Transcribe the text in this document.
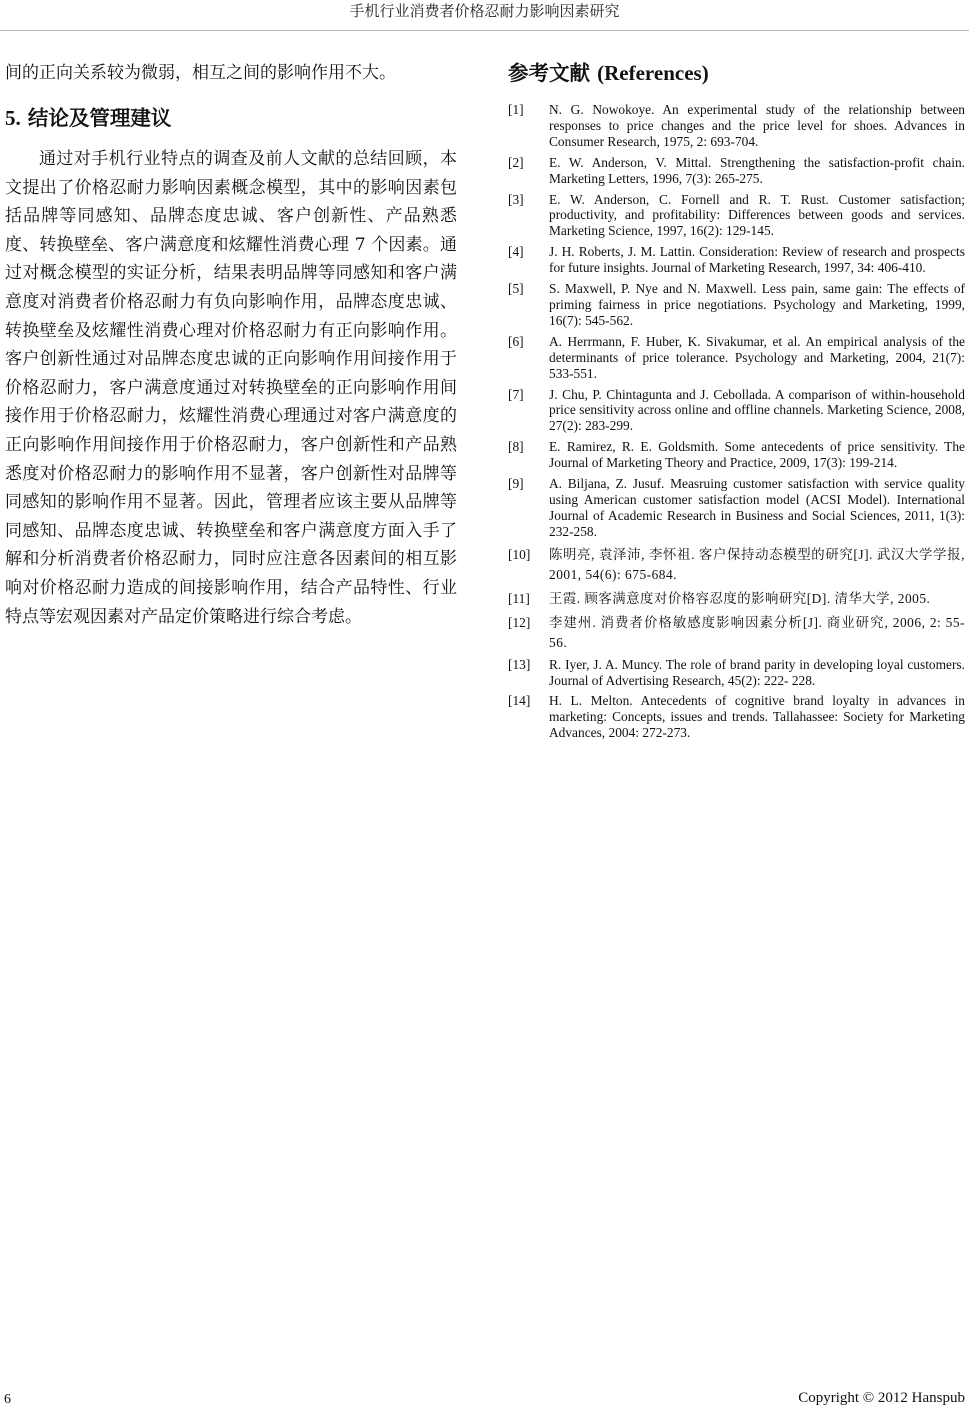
手机行业消费者价格忍耐力影响因素研究

间的正向关系较为微弱，相互之间的影响作用不大。

5. 结论及管理建议

通过对手机行业特点的调查及前人文献的总结回顾，本文提出了价格忍耐力影响因素概念模型，其中的影响因素包括品牌等同感知、品牌态度忠诚、客户创新性、产品熟悉度、转换壁垒、客户满意度和炫耀性消费心理 7 个因素。通过对概念模型的实证分析，结果表明品牌等同感知和客户满意度对消费者价格忍耐力有负向影响作用，品牌态度忠诚、转换壁垒及炫耀性消费心理对价格忍耐力有正向影响作用。客户创新性通过对品牌态度忠诚的正向影响作用间接作用于价格忍耐力，客户满意度通过对转换壁垒的正向影响作用间接作用于价格忍耐力，炫耀性消费心理通过对客户满意度的正向影响作用间接作用于价格忍耐力，客户创新性和产品熟悉度对价格忍耐力的影响作用不显著，客户创新性对品牌等同感知的影响作用不显著。因此，管理者应该主要从品牌等同感知、品牌态度忠诚、转换壁垒和客户满意度方面入手了解和分析消费者价格忍耐力，同时应注意各因素间的相互影响对价格忍耐力造成的间接影响作用，结合产品特性、行业特点等宏观因素对产品定价策略进行综合考虑。

参考文献 (References)
[1]	N. G. Nowokoye. An experimental study of the relationship between responses to price changes and the price level for shoes. Advances in Consumer Research, 1975, 2: 693-704.
[2]	E. W. Anderson, V. Mittal. Strengthening the satisfaction-profit chain. Marketing Letters, 1996, 7(3): 265-275.
[3]	E. W. Anderson, C. Fornell and R. T. Rust. Customer satisfaction; productivity, and profitability: Differences between goods and services. Marketing Science, 1997, 16(2): 129-145.
[4]	J. H. Roberts, J. M. Lattin. Consideration: Review of research and prospects for future insights. Journal of Marketing Research, 1997, 34: 406-410.
[5]	S. Maxwell, P. Nye and N. Maxwell. Less pain, same gain: The effects of priming fairness in price negotiations. Psychology and Marketing, 1999, 16(7): 545-562.
[6]	A. Herrmann, F. Huber, K. Sivakumar, et al. An empirical analysis of the determinants of price tolerance. Psychology and Marketing, 2004, 21(7): 533-551.
[7]	J. Chu, P. Chintagunta and J. Cebollada. A comparison of within-household price sensitivity across online and offline channels. Marketing Science, 2008, 27(2): 283-299.
[8]	E. Ramirez, R. E. Goldsmith. Some antecedents of price sensitivity. The Journal of Marketing Theory and Practice, 2009, 17(3): 199-214.
[9]	A. Biljana, Z. Jusuf. Measruing customer satisfaction with service quality using American customer satisfaction model (ACSI Model). International Journal of Academic Research in Business and Social Sciences, 2011, 1(3): 232-258.
[10]	陈明亮, 袁泽沛, 李怀祖. 客户保持动态模型的研究[J]. 武汉大学学报, 2001, 54(6): 675-684.
[11]	王霞. 顾客满意度对价格容忍度的影响研究[D]. 清华大学, 2005.
[12]	李建州. 消费者价格敏感度影响因素分析[J]. 商业研究, 2006, 2: 55-56.
[13]	R. Iyer, J. A. Muncy. The role of brand parity in developing loyal customers. Journal of Advertising Research, 45(2): 222- 228.
[14]	H. L. Melton. Antecedents of cognitive brand loyalty in advances in marketing: Concepts, issues and trends. Tallahassee: Society for Marketing Advances, 2004: 272-273.
6	Copyright © 2012 Hanspub
